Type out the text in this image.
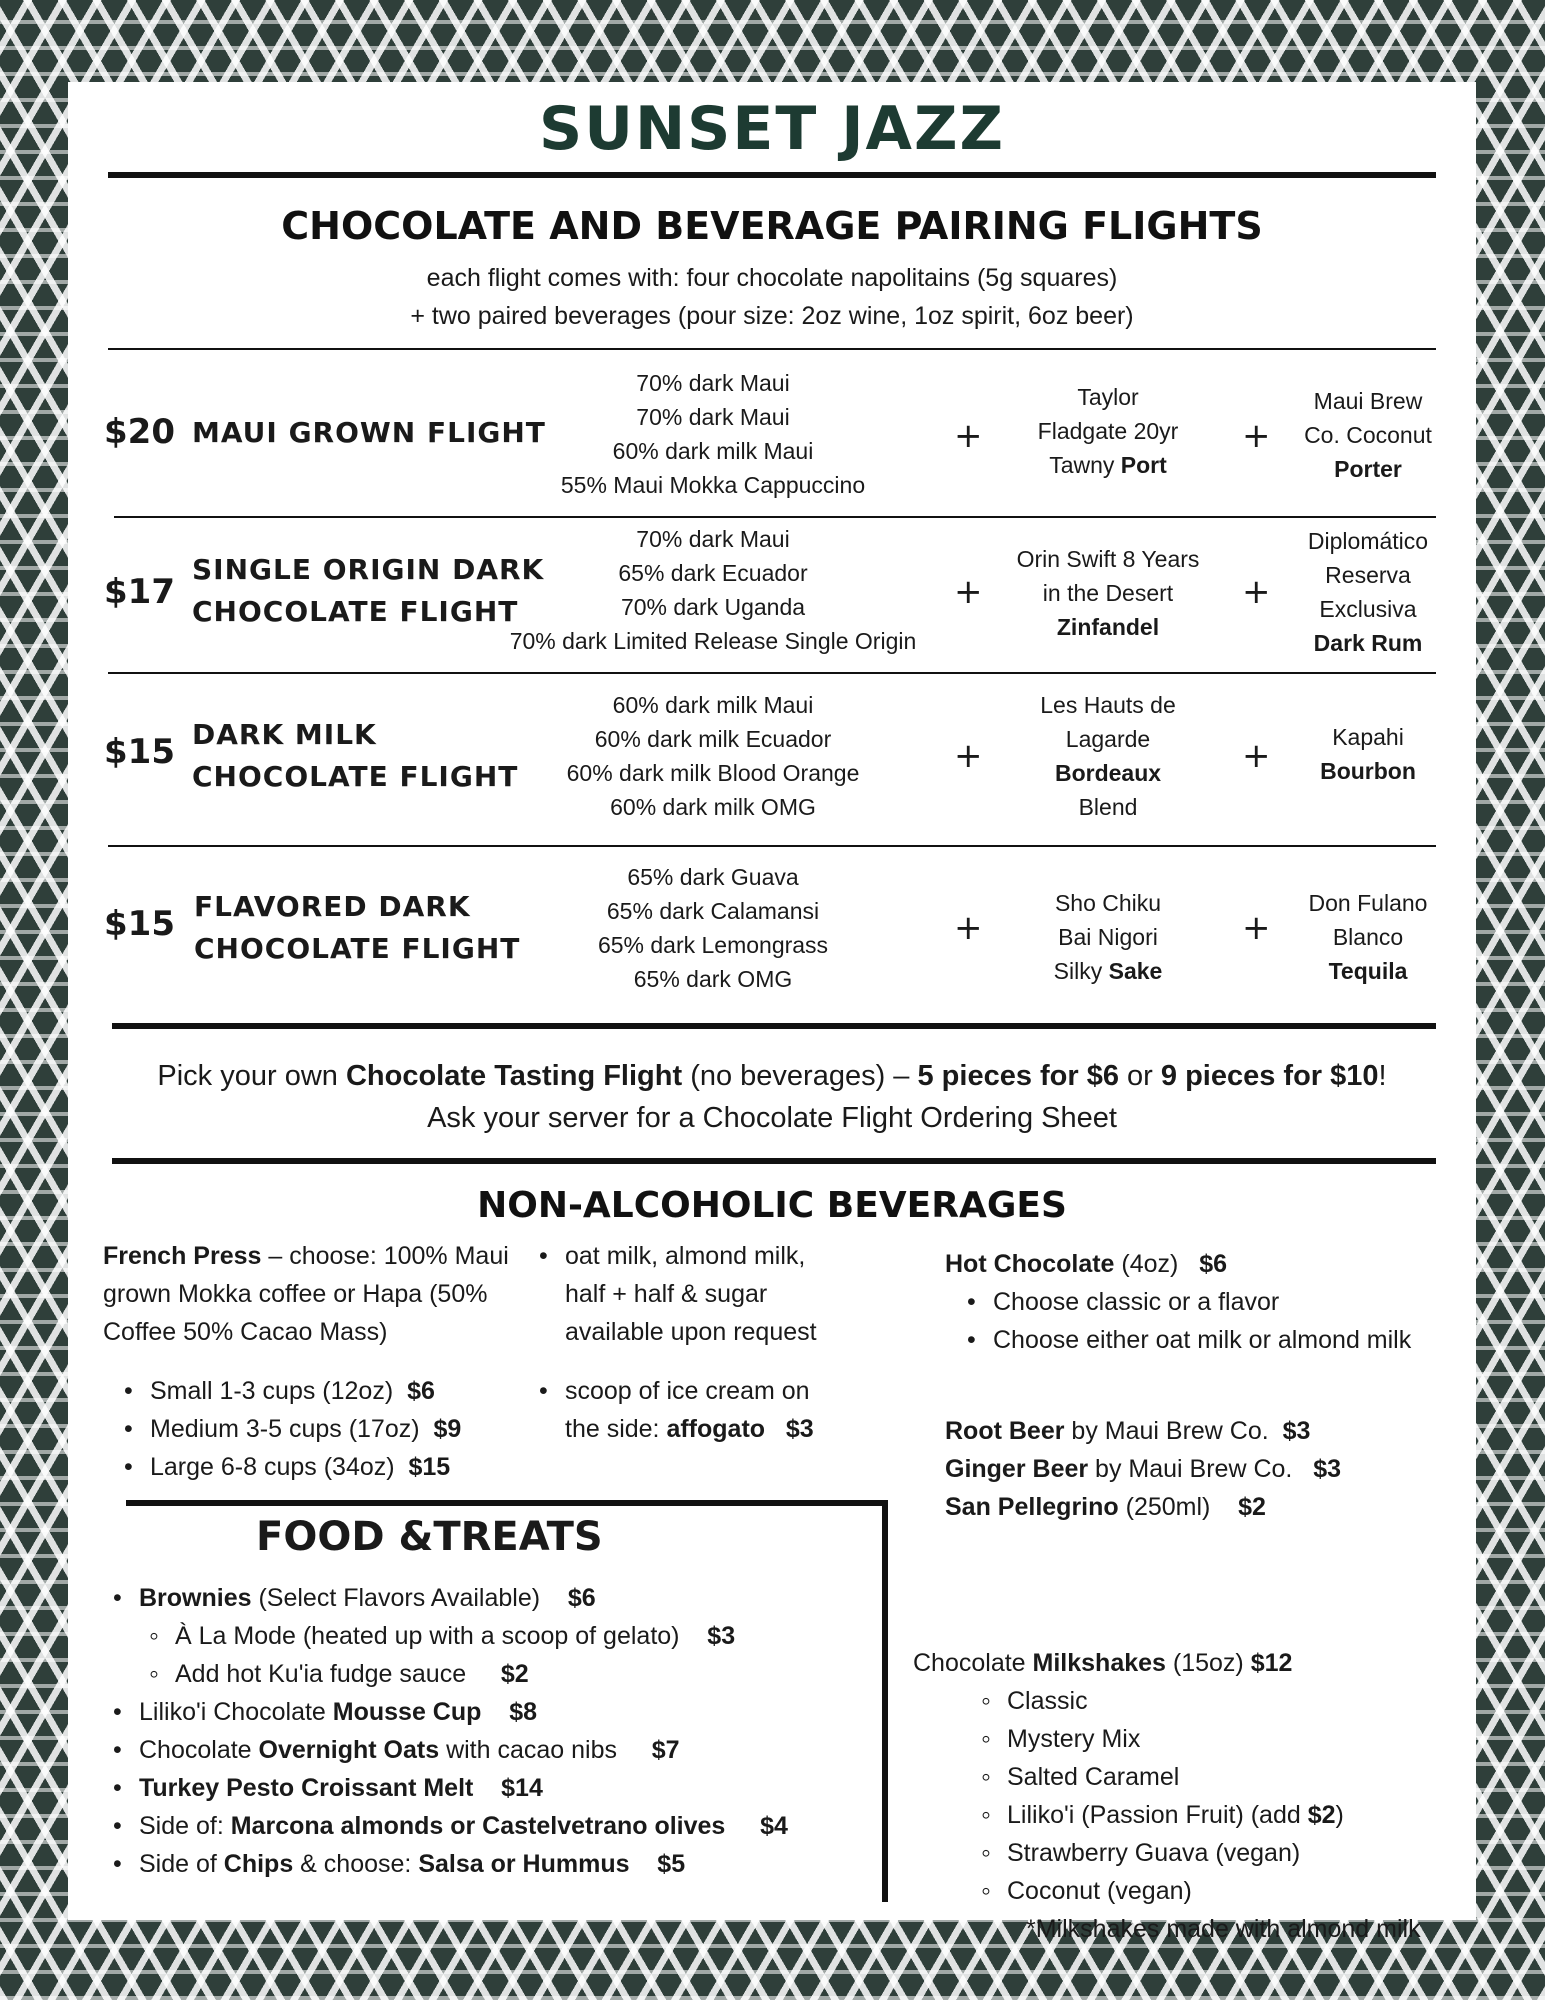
SUNSET JAZZ
CHOCOLATE AND BEVERAGE PAIRING FLIGHTS
each flight comes with: four chocolate napolitains (5g squares)
+ two paired beverages (pour size: 2oz wine, 1oz spirit, 6oz beer)
$20 MAUI GROWN FLIGHT
70% dark Maui
70% dark Maui
60% dark milk Maui
55% Maui Mokka Cappuccino
+
Taylor
Fladgate 20yr
Tawny Port
+
Maui Brew
Co. Coconut
Porter
$17
SINGLE ORIGIN DARK
CHOCOLATE FLIGHT
70% dark Maui
65% dark Ecuador
70% dark Uganda
70% dark Limited Release Single Origin
+
Orin Swift 8 Years
in the Desert
Zinfandel
+
Diplomático
Reserva
Exclusiva
Dark Rum
$15 DARK MILK
CHOCOLATE FLIGHT
60% dark milk Maui
60% dark milk Ecuador
60% dark milk Blood Orange
60% dark milk OMG
+
Les Hauts de
Lagarde
Bordeaux
Blend
+	Kapahi
Bourbon
$15 FLAVORED DARK
CHOCOLATE FLIGHT
65% dark Guava
65% dark Calamansi
65% dark Lemongrass
65% dark OMG
+
Sho Chiku
Bai Nigori
Silky Sake
+
Don Fulano
Blanco
Tequila
Pick your own Chocolate Tasting Flight (no beverages) – 5 pieces for $6 or 9 pieces for $10!
Ask your server for a Chocolate Flight Ordering Sheet
NON-ALCOHOLIC BEVERAGES
French Press – choose: 100% Maui
grown Mokka coffee or Hapa (50%
Coffee 50% Cacao Mass)
• Small 1-3 cups (12oz) $6
• Medium 3-5 cups (17oz) $9
• Large 6-8 cups (34oz) $15
• oat milk, almond milk,
half + half & sugar
available upon request
• scoop of ice cream on
the side: affogato $3
Hot Chocolate (4oz) $6
• Choose classic or a flavor
• Choose either oat milk or almond milk
Root Beer by Maui Brew Co. $3
Ginger Beer by Maui Brew Co. $3
San Pellegrino (250ml) $2
Chocolate Milkshakes (15oz) $12
◦ Classic
◦ Mystery Mix
◦ Salted Caramel
◦ Liliko'i (Passion Fruit) (add $2)
◦ Strawberry Guava (vegan)
◦ Coconut (vegan)
*Milkshakes made with almond milk
FOOD &TREATS
• Brownies (Select Flavors Available) $6
◦ À La Mode (heated up with a scoop of gelato) $3
◦ Add hot Ku'ia fudge sauce $2
• Liliko'i Chocolate Mousse Cup $8
• Chocolate Overnight Oats with cacao nibs $7
• Turkey Pesto Croissant Melt $14
• Side of: Marcona almonds or Castelvetrano olives $4
• Side of Chips & choose: Salsa or Hummus $5
